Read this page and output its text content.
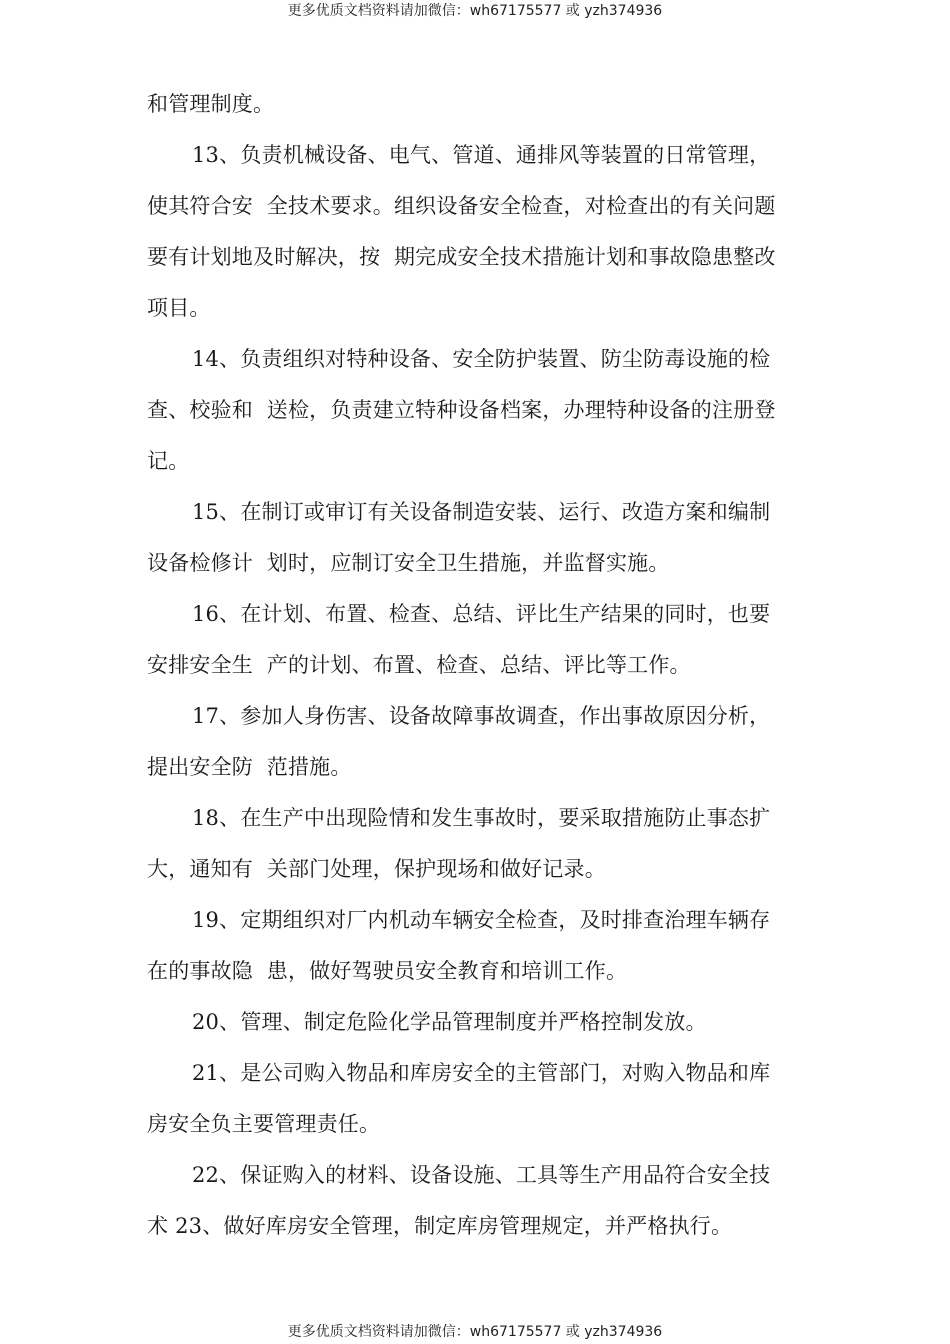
更多优质文档资料请加微信：wh67175577 或 yzh374936
和管理制度。
13、负责机械设备、电气、管道、通排风等装置的日常管理，
使其符合安  全技术要求。组织设备安全检查，对检查出的有关问题
要有计划地及时解决，按  期完成安全技术措施计划和事故隐患整改
项目。
14、负责组织对特种设备、安全防护装置、防尘防毒设施的检
查、校验和  送检，负责建立特种设备档案，办理特种设备的注册登
记。
15、在制订或审订有关设备制造安装、运行、改造方案和编制
设备检修计  划时，应制订安全卫生措施，并监督实施。
16、在计划、布置、检查、总结、评比生产结果的同时，也要
安排安全生  产的计划、布置、检查、总结、评比等工作。
17、参加人身伤害、设备故障事故调查，作出事故原因分析，
提出安全防  范措施。
18、在生产中出现险情和发生事故时，要采取措施防止事态扩
大，通知有  关部门处理，保护现场和做好记录。
19、定期组织对厂内机动车辆安全检查，及时排查治理车辆存
在的事故隐  患，做好驾驶员安全教育和培训工作。
20、管理、制定危险化学品管理制度并严格控制发放。
21、是公司购入物品和库房安全的主管部门，对购入物品和库
房安全负主要管理责任。
22、保证购入的材料、设备设施、工具等生产用品符合安全技
术 23、做好库房安全管理，制定库房管理规定，并严格执行。
更多优质文档资料请加微信：wh67175577 或 yzh374936
